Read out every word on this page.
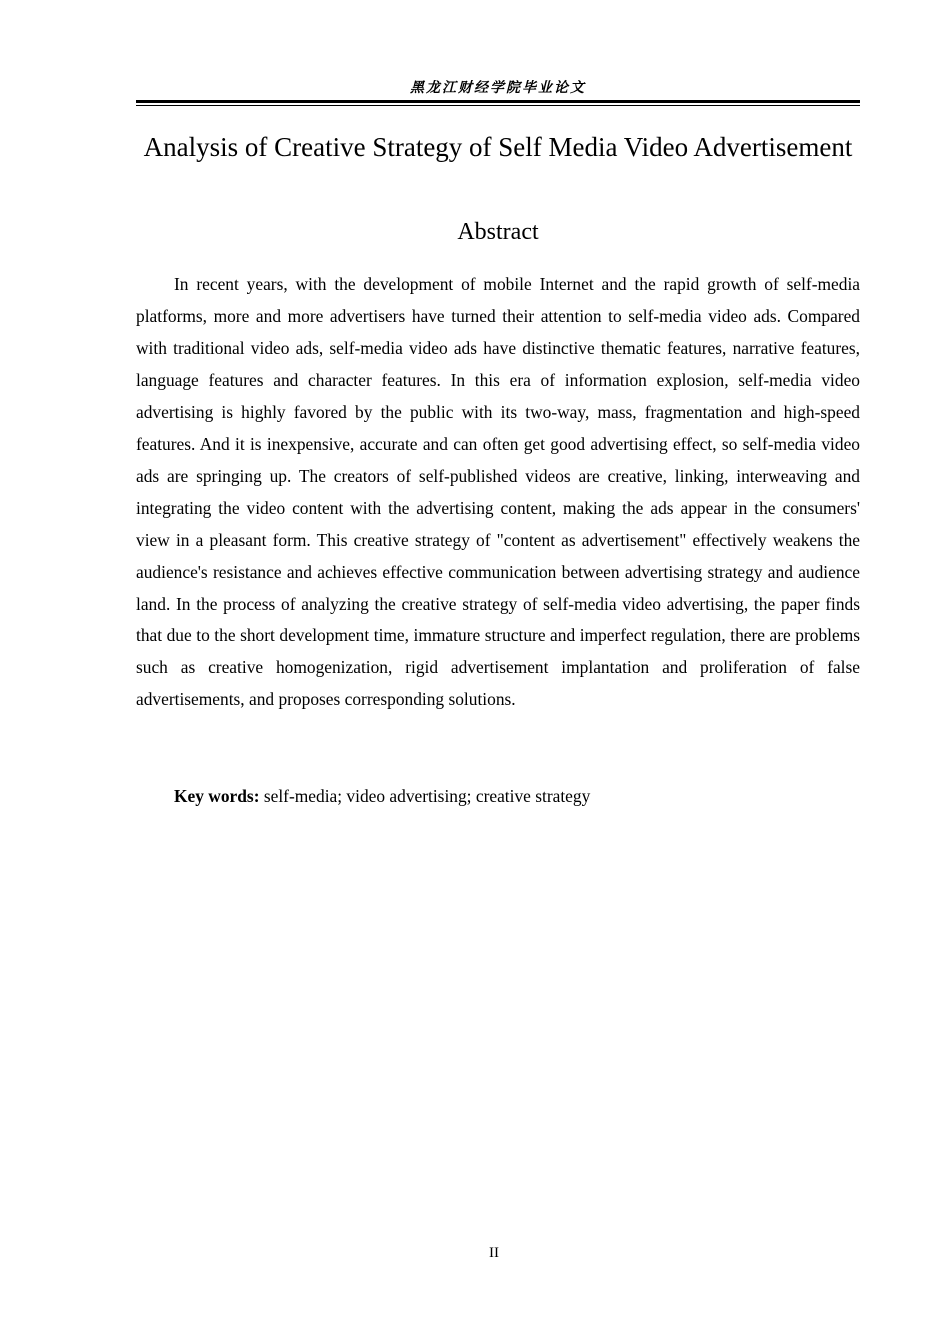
黑龙江财经学院毕业论文
Analysis of Creative Strategy of Self Media Video Advertisement
Abstract

In recent years, with the development of mobile Internet and the rapid growth of self-media platforms, more and more advertisers have turned their attention to self-media video ads. Compared with traditional video ads, self-media video ads have distinctive thematic features, narrative features, language features and character features. In this era of information explosion, self-media video advertising is highly favored by the public with its two-way, mass, fragmentation and high-speed features. And it is inexpensive, accurate and can often get good advertising effect, so self-media video ads are springing up. The creators of self-published videos are creative, linking, interweaving and integrating the video content with the advertising content, making the ads appear in the consumers' view in a pleasant form. This creative strategy of "content as advertisement" effectively weakens the audience's resistance and achieves effective communication between advertising strategy and audience land. In the process of analyzing the creative strategy of self-media video advertising, the paper finds that due to the short development time, immature structure and imperfect regulation, there are problems such as creative homogenization, rigid advertisement implantation and proliferation of false advertisements, and proposes corresponding solutions.

Key words: self-media; video advertising; creative strategy

II
